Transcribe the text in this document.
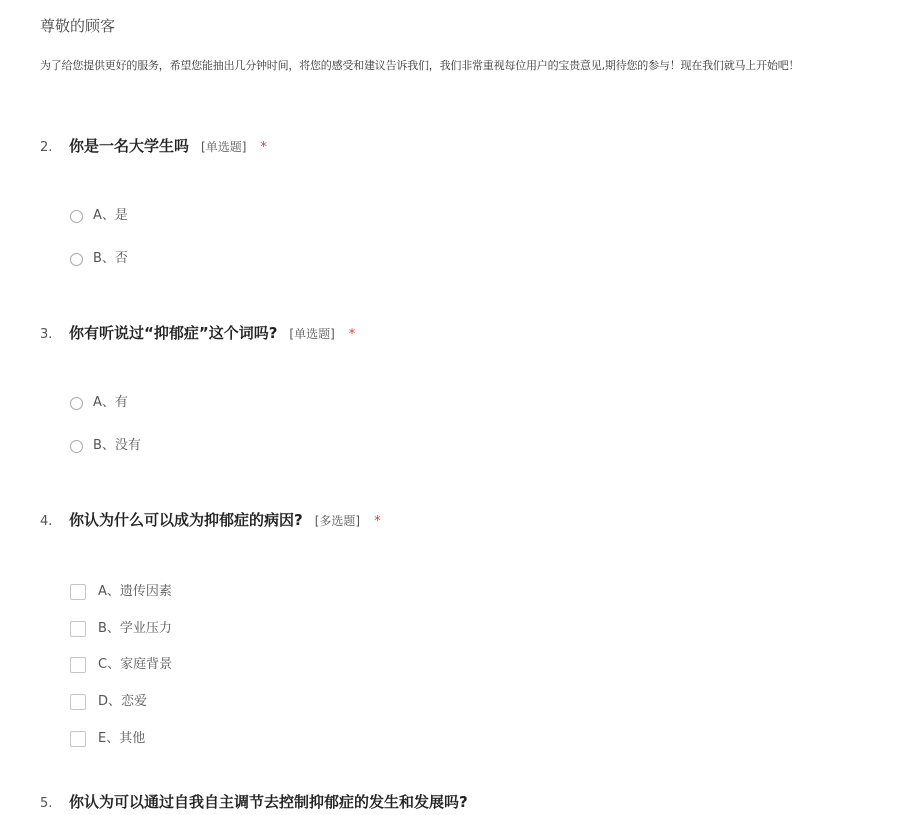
尊敬的顾客
为了给您提供更好的服务，希望您能抽出几分钟时间，将您的感受和建议告诉我们，我们非常重视每位用户的宝贵意见,期待您的参与！现在我们就马上开始吧！
2. 你是一名大学生吗 [单选题] *
A、是
B、否
3. 你有听说过“抑郁症”这个词吗? [单选题] *
A、有
B、没有
4. 你认为什么可以成为抑郁症的病因? [多选题] *
A、遗传因素
B、学业压力
C、家庭背景
D、恋爱
E、其他
5. 你认为可以通过自我自主调节去控制抑郁症的发生和发展吗?
